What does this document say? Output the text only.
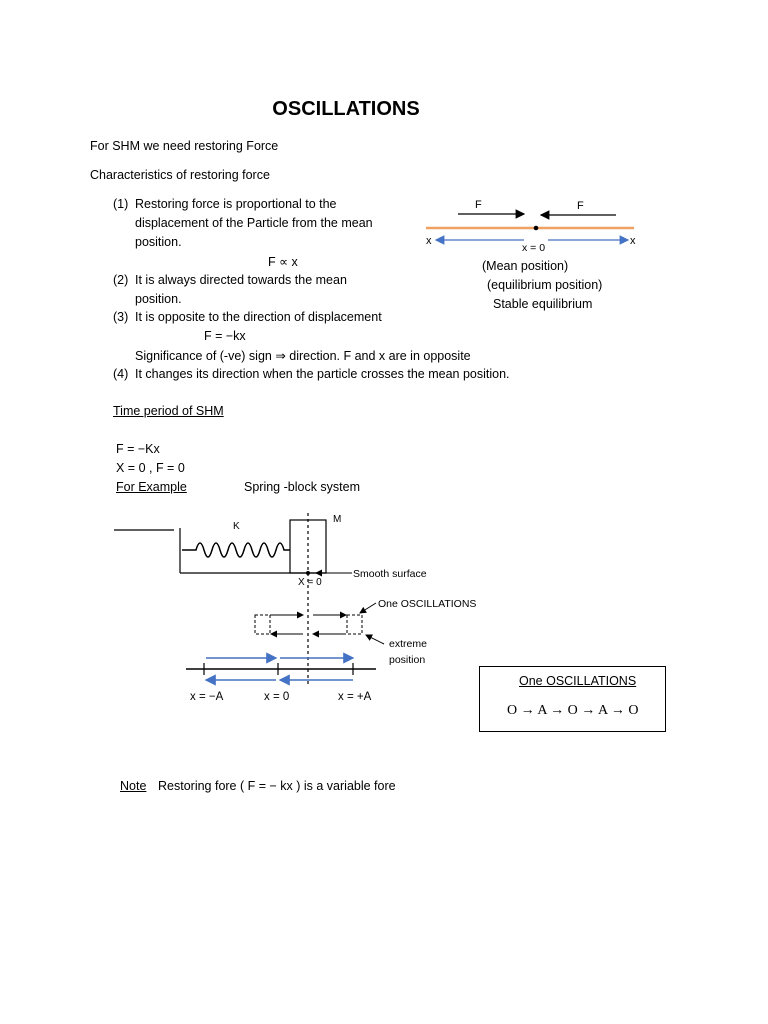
OSCILLATIONS
For SHM we need restoring Force
Characteristics of restoring force
(1) Restoring force is proportional to the
displacement of the Particle from the mean
position.
F ∝ x
(2) It is always directed towards the mean
position.
(3) It is opposite to the direction of displacement
F = −kx
Significance of (-ve) sign ⇒ direction. F and x are in opposite
(4) It changes its direction when the particle crosses the mean position.
F	F
x	x
x = 0
(Mean position)
(equilibrium position)
Stable equilibrium
Time period of SHM
F = −Kx
X = 0 , F = 0
For Example	Spring -block system
K
M
X = 0
Smooth surface
One OSCILLATIONS
extreme
position
x = −A	x = 0	x = +A
One OSCILLATIONS
O → A → O → A → O
Note Restoring fore ( F = − kx ) is a variable fore
